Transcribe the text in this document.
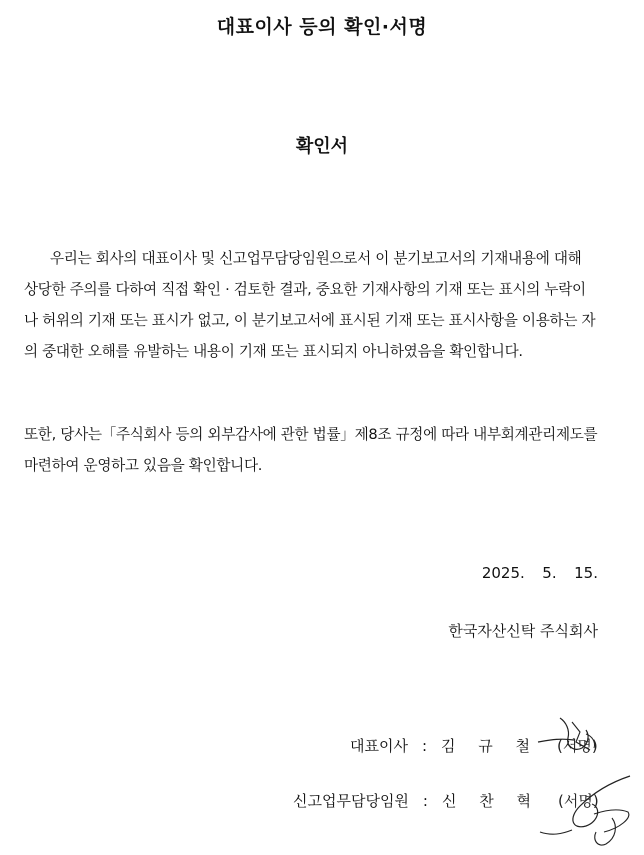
대표이사 등의 확인·서명
확인서
우리는 회사의 대표이사 및 신고업무담당임원으로서 이 분기보고서의 기재내용에 대해 상당한 주의를 다하여 직접 확인 · 검토한 결과, 중요한 기재사항의 기재 또는 표시의 누락이나 허위의 기재 또는 표시가 없고, 이 분기보고서에 표시된 기재 또는 표시사항을 이용하는 자의 중대한 오해를 유발하는 내용이 기재 또는 표시되지 아니하였음을 확인합니다.
또한, 당사는「주식회사 등의 외부감사에 관한 법률」제8조 규정에 따라 내부회계관리제도를 마련하여 운영하고 있음을 확인합니다.
2025.  5.  15.
한국자산신탁 주식회사
대표이사 : 김 규 철 (서명)
신고업무담당임원 : 신 찬 혁 (서명)
